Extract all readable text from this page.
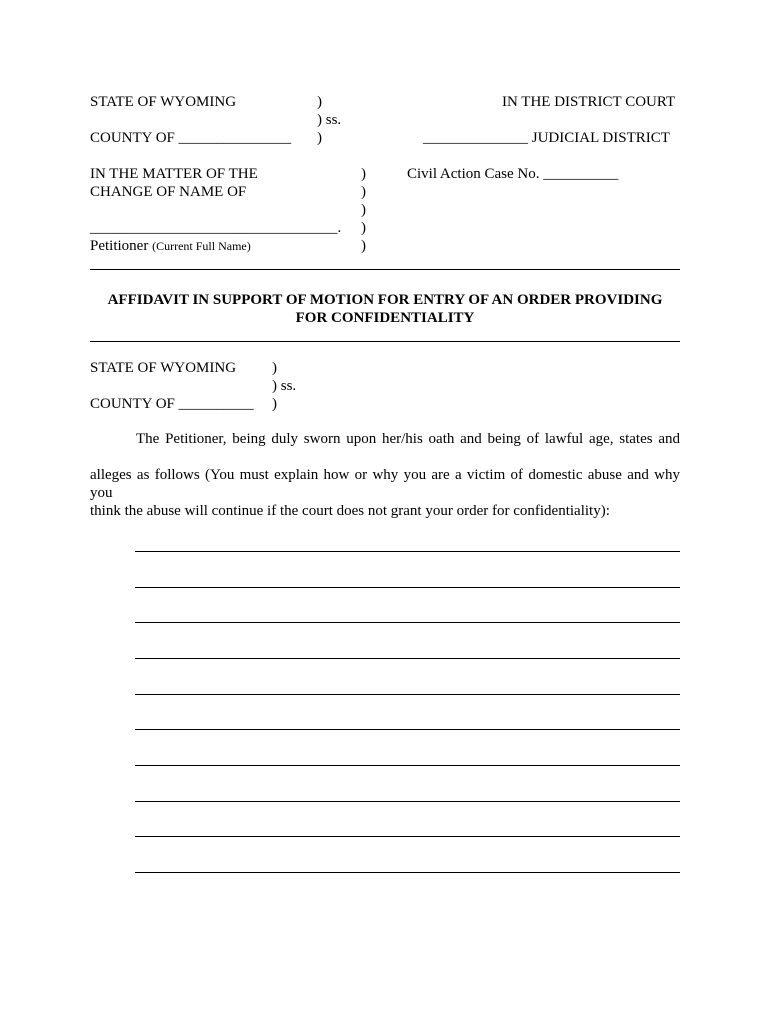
STATE OF WYOMING	)	IN THE DISTRICT COURT
) ss.
COUNTY OF _______________ )	______________ JUDICIAL DISTRICT
IN THE MATTER OF THE	)	Civil Action Case No. __________
CHANGE OF NAME OF	)
)
_________________________________. )
Petitioner (Current Full Name)	)
AFFIDAVIT IN SUPPORT OF MOTION FOR ENTRY OF AN ORDER PROVIDING
FOR CONFIDENTIALITY
STATE OF WYOMING )
) ss.
COUNTY OF __________ )
The Petitioner, being duly sworn upon her/his oath and being of lawful age, states and
alleges as follows (You must explain how or why you are a victim of domestic abuse and why you
think the abuse will continue if the court does not grant your order for confidentiality):
